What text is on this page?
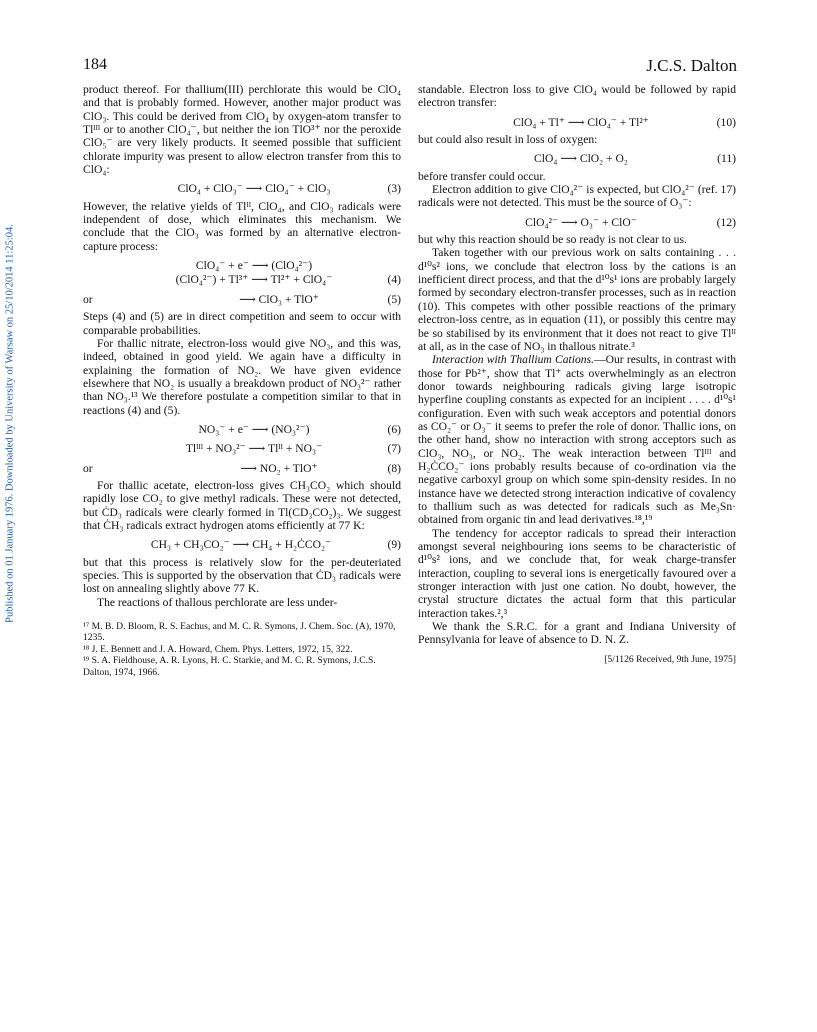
184	J.C.S. Dalton
Published on 01 January 1976. Downloaded by University of Warsaw on 25/10/2014 11:25:04.

product thereof. For thallium(III) perchlorate this would be ClO₄ and that is probably formed. However, another major product was ClO₃. This could be derived from ClO₄ by oxygen-atom transfer to Tlᴵᴵᴵ or to another ClO₄⁻, but neither the ion TlO³⁺ nor the peroxide ClO₅⁻ are very likely products. It seemed possible that sufficient chlorate impurity was present to allow electron transfer from this to ClO₄:

ClO₄ + ClO₃⁻ ⟶ ClO₄⁻ + ClO₃	(3)

However, the relative yields of Tlᴵᴵ, ClO₄, and ClO₃ radicals were independent of dose, which eliminates this mechanism. We conclude that the ClO₃ was formed by an alternative electron-capture process:

ClO₄⁻ + e⁻ ⟶ (ClO₄²⁻)
(ClO₄²⁻) + Tl³⁺ ⟶ Tl²⁺ + ClO₄⁻	(4)
or	⟶ ClO₃ + TlO⁺	(5)

Steps (4) and (5) are in direct competition and seem to occur with comparable probabilities.

For thallic nitrate, electron-loss would give NO₃, and this was, indeed, obtained in good yield. We again have a difficulty in explaining the formation of NO₂. We have given evidence elsewhere that NO₂ is usually a breakdown product of NO₃²⁻ rather than NO₃.¹³ We therefore postulate a competition similar to that in reactions (4) and (5).

NO₃⁻ + e⁻ ⟶ (NO₃²⁻)	(6)
Tlᴵᴵᴵ + NO₃²⁻ ⟶ Tlᴵᴵ + NO₃⁻	(7)
or	⟶ NO₂ + TlO⁺	(8)

For thallic acetate, electron-loss gives CH₃CO₂ which should rapidly lose CO₂ to give methyl radicals. These were not detected, but ĊD₃ radicals were clearly formed in Tl(CD₃CO₂)₃. We suggest that ĊH₃ radicals extract hydrogen atoms efficiently at 77 K:

CH₃ + CH₃CO₂⁻ ⟶ CH₄ + H₂ĊCO₂⁻	(9)

but that this process is relatively slow for the per-deuteriated species. This is supported by the observation that ĊD₃ radicals were lost on annealing slightly above 77 K.

The reactions of thallous perchlorate are less under-

¹⁷ M. B. D. Bloom, R. S. Eachus, and M. C. R. Symons, J. Chem. Soc. (A), 1970, 1235.
¹⁸ J. E. Bennett and J. A. Howard, Chem. Phys. Letters, 1972, 15, 322.
¹⁹ S. A. Fieldhouse, A. R. Lyons, H. C. Starkie, and M. C. R. Symons, J.C.S. Dalton, 1974, 1966.

standable. Electron loss to give ClO₄ would be followed by rapid electron transfer:

ClO₄ + Tl⁺ ⟶ ClO₄⁻ + Tl²⁺	(10)

but could also result in loss of oxygen:

ClO₄ ⟶ ClO₂ + O₂	(11)

before transfer could occur.

Electron addition to give ClO₄²⁻ is expected, but ClO₄²⁻ (ref. 17) radicals were not detected. This must be the source of O₃⁻:

ClO₄²⁻ ⟶ O₃⁻ + ClO⁻	(12)

but why this reaction should be so ready is not clear to us.

Taken together with our previous work on salts containing . . . d¹⁰s² ions, we conclude that electron loss by the cations is an inefficient direct process, and that the d¹⁰s¹ ions are probably largely formed by secondary electron-transfer processes, such as in reaction (10). This competes with other possible reactions of the primary electron-loss centre, as in equation (11), or possibly this centre may be so stabilised by its environment that it does not react to give Tlᴵᴵ at all, as in the case of NO₃ in thallous nitrate.³

Interaction with Thallium Cations.—Our results, in contrast with those for Pb²⁺, show that Tl⁺ acts overwhelmingly as an electron donor towards neighbouring radicals giving large isotropic hyperfine coupling constants as expected for an incipient . . . . d¹⁰s¹ configuration. Even with such weak acceptors and potential donors as CO₂⁻ or O₃⁻ it seems to prefer the role of donor. Thallic ions, on the other hand, show no interaction with strong acceptors such as ClO₃, NO₃, or NO₂. The weak interaction between Tlᴵᴵᴵ and H₂ĊCO₂⁻ ions probably results because of co-ordination via the negative carboxyl group on which some spin-density resides. In no instance have we detected strong interaction indicative of covalency to thallium such as was detected for radicals such as Me₃Sn· obtained from organic tin and lead derivatives.¹⁸,¹⁹

The tendency for acceptor radicals to spread their interaction amongst several neighbouring ions seems to be characteristic of d¹⁰s² ions, and we conclude that, for weak charge-transfer interaction, coupling to several ions is energetically favoured over a stronger interaction with just one cation. No doubt, however, the crystal structure dictates the actual form that this particular interaction takes.²,³

We thank the S.R.C. for a grant and Indiana University of Pennsylvania for leave of absence to D. N. Z.

[5/1126 Received, 9th June, 1975]
